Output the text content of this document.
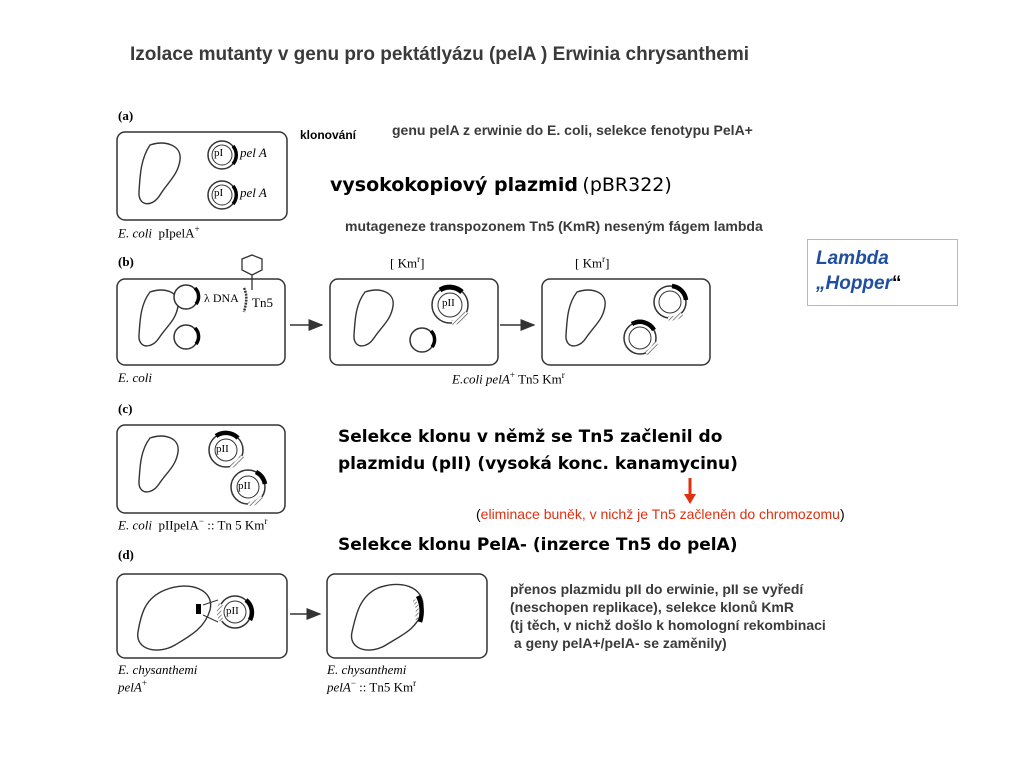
Izolace mutanty v genu pro pektátlyázu (pelA ) Erwinia chrysanthemi
(a)
(b)
(c)
(d)
pI pel A
pI pel A
E. coli pIpelA+
λ DNA Tn5
[ Km$^r$]	[ Km$^r$]
pII
E. coli	E.coli pelA+ Tn5 Km$^r$
pII
pII
E. coli pIIpelA− :: Tn 5 Km$^r$
pII
E. chysanthemi
pelA+
E. chysanthemi
pelA− :: Tn5 Km$^r$
klonování	genu pelA z erwinie do E. coli, selekce fenotypu PelA+
vysokokopiový plazmid (pBR322)
mutageneze transpozonem Tn5 (KmR) neseným fágem lambda
Lambda
„Hopper“
Selekce klonu v němž se Tn5 začlenil do
plazmidu (pII) (vysoká konc. kanamycinu)
(eliminace buněk, v nichž je Tn5 začleněn do chromozomu)
Selekce klonu PelA- (inzerce Tn5 do pelA)
přenos plazmidu pII do erwinie, pII se vyředí
(neschopen replikace), selekce klonů KmR
(tj těch, v nichž došlo k homologní rekombinaci
a geny pelA+/pelA- se zaměnily)
